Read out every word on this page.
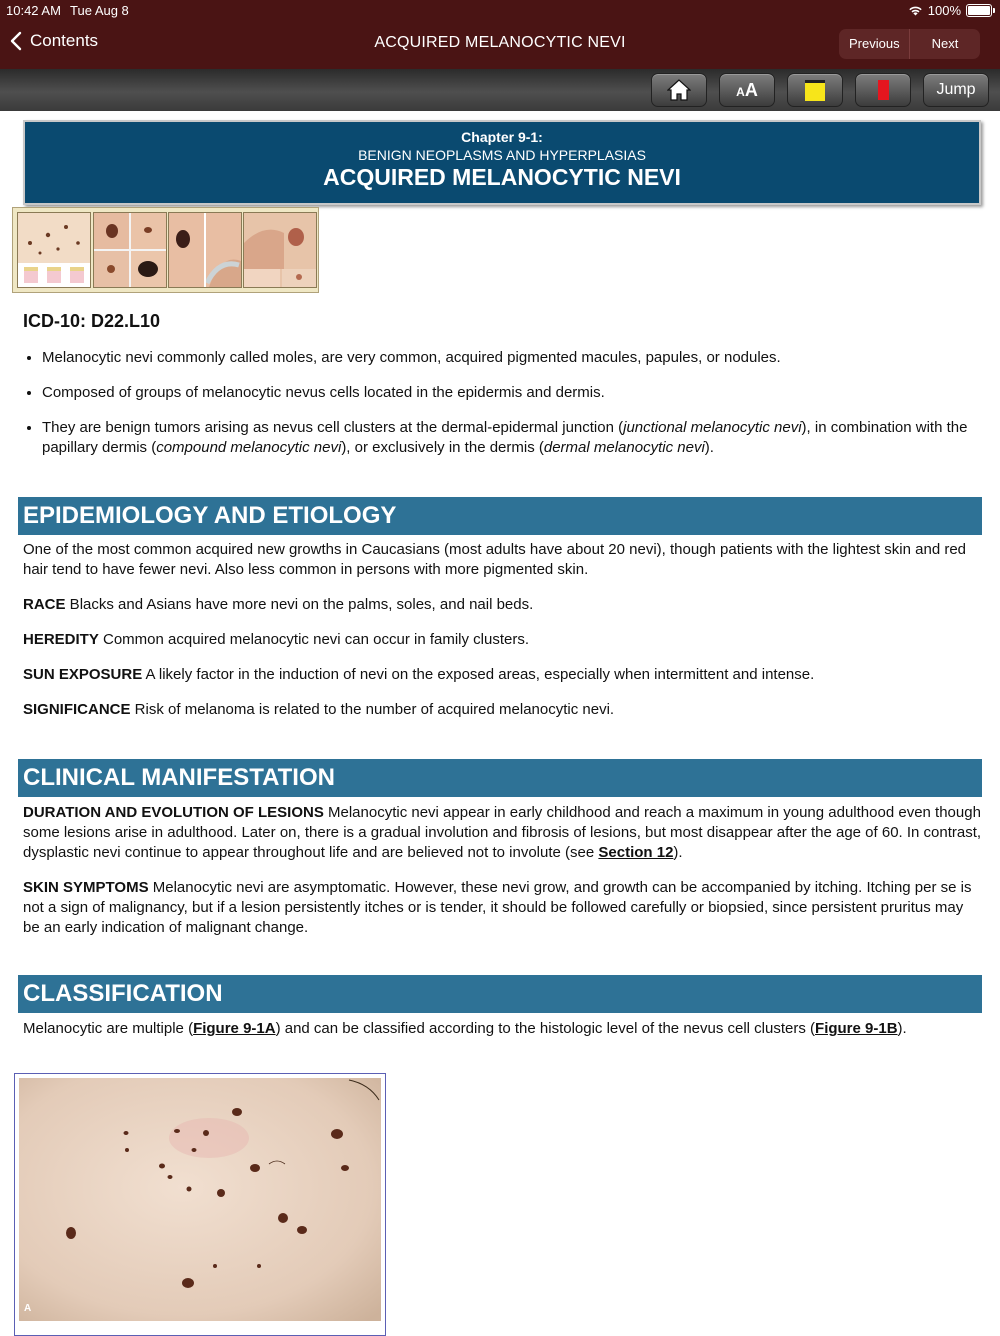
10:42 AM Tue Aug 8	100%
Contents	ACQUIRED MELANOCYTIC NEVI	Previous	Next
AA	Jump
Chapter 9-1:
BENIGN NEOPLASMS AND HYPERPLASIAS
ACQUIRED MELANOCYTIC NEVI
ICD-10: D22.L10
• Melanocytic nevi commonly called moles, are very common, acquired pigmented macules, papules, or nodules.
• Composed of groups of melanocytic nevus cells located in the epidermis and dermis.
• They are benign tumors arising as nevus cell clusters at the dermal-epidermal junction (junctional melanocytic nevi), in combination with the papillary dermis (compound melanocytic nevi), or exclusively in the dermis (dermal melanocytic nevi).
EPIDEMIOLOGY AND ETIOLOGY

One of the most common acquired new growths in Caucasians (most adults have about 20 nevi), though patients with the lightest skin and red hair tend to have fewer nevi. Also less common in persons with more pigmented skin.

RACE Blacks and Asians have more nevi on the palms, soles, and nail beds.

HEREDITY Common acquired melanocytic nevi can occur in family clusters.

SUN EXPOSURE A likely factor in the induction of nevi on the exposed areas, especially when intermittent and intense.

SIGNIFICANCE Risk of melanoma is related to the number of acquired melanocytic nevi.

CLINICAL MANIFESTATION

DURATION AND EVOLUTION OF LESIONS Melanocytic nevi appear in early childhood and reach a maximum in young adulthood even though some lesions arise in adulthood. Later on, there is a gradual involution and fibrosis of lesions, but most disappear after the age of 60. In contrast, dysplastic nevi continue to appear throughout life and are believed not to involute (see Section 12).

SKIN SYMPTOMS Melanocytic nevi are asymptomatic. However, these nevi grow, and growth can be accompanied by itching. Itching per se is not a sign of malignancy, but if a lesion persistently itches or is tender, it should be followed carefully or biopsied, since persistent pruritus may be an early indication of malignant change.

CLASSIFICATION

Melanocytic are multiple (Figure 9-1A) and can be classified according to the histologic level of the nevus cell clusters (Figure 9-1B).

A
